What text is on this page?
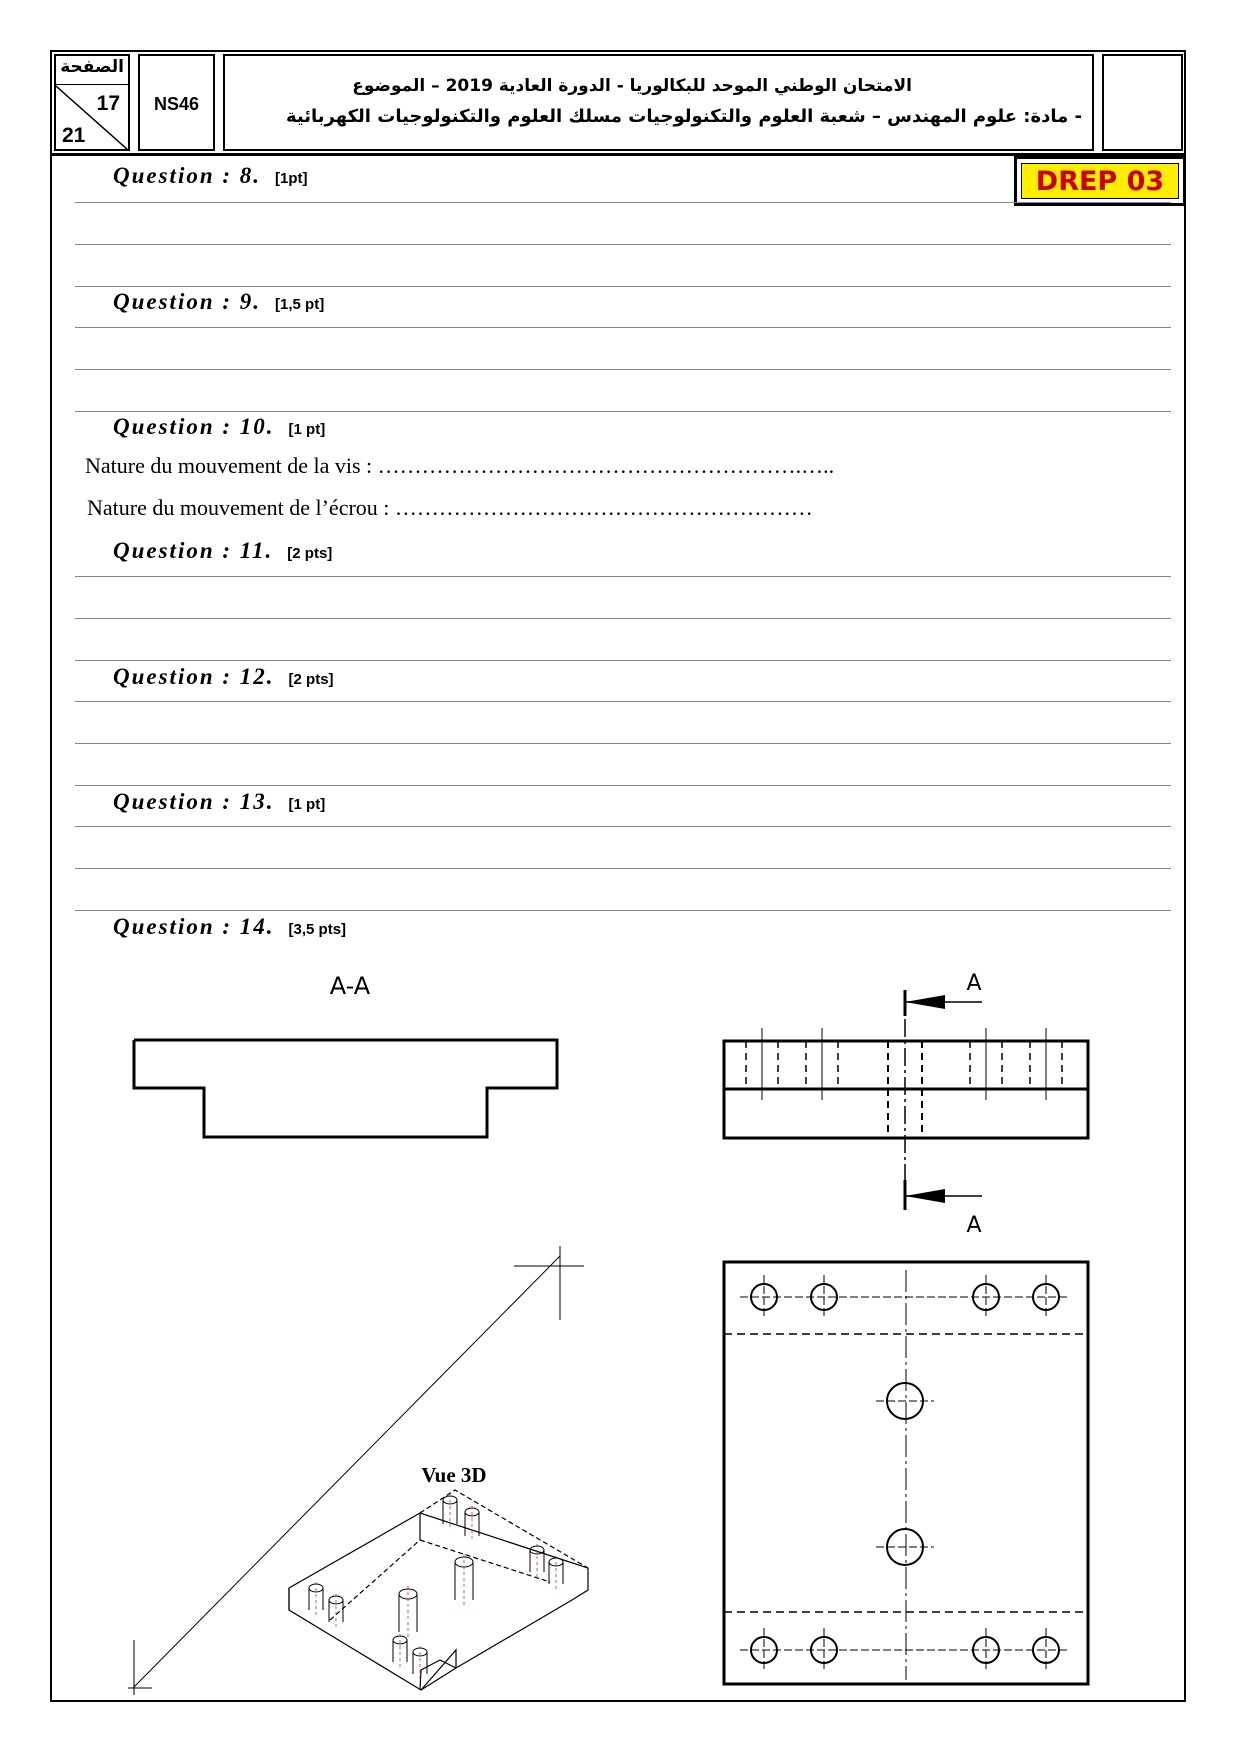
الصفحة
17
21
NS46
الامتحان الوطني الموحد للبكالوريا - الدورة العادية 2019 – الموضوع
- مادة: علوم المهندس – شعبة العلوم والتكنولوجيات مسلك العلوم والتكنولوجيات الكهربائية
DREP 03
Question : 8. [1pt]
Question : 9. [1,5 pt]
Question : 10. [1 pt]
Nature du mouvement de la vis : ………………………………………………….…..
Nature du mouvement de l’écrou : …………………………………………………
Question : 11. [2 pts]
Question : 12. [2 pts]
Question : 13. [1 pt]
Question : 14. [3,5 pts]
A-A	A
A
Vue 3D
